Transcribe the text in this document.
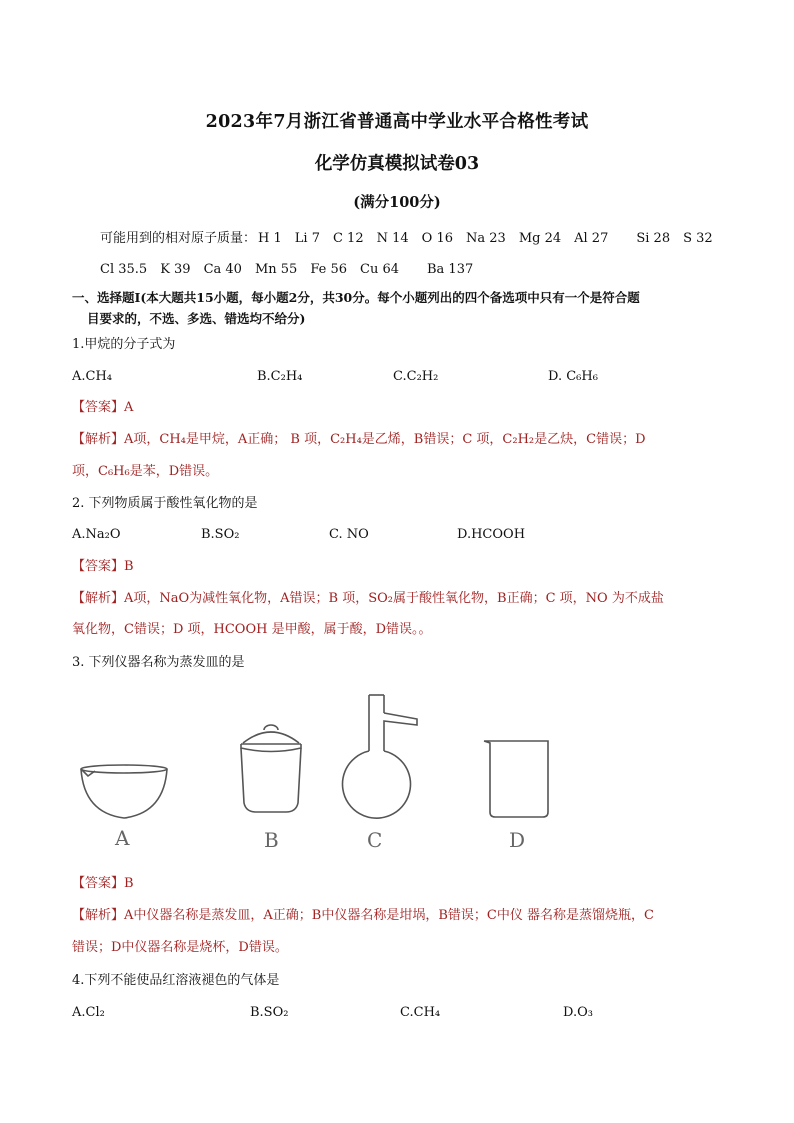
2023年7月浙江省普通高中学业水平合格性考试
化学仿真模拟试卷03
(满分100分)
可能用到的相对原子质量： H 1 Li 7 C 12 N 14 O 16 Na 23 Mg 24 Al 27 Si 28 S 32
Cl 35.5 K 39 Ca 40 Mn 55 Fe 56 Cu 64 Ba 137
一、选择题Ⅰ(本大题共15小题，每小题2分，共30分。每个小题列出的四个备选项中只有一个是符合题
目要求的，不选、多选、错选均不给分)
1.甲烷的分子式为
A.CH₄	B.C₂H₄	C.C₂H₂	D. C₆H₆
【答案】A
【解析】A项，CH₄是甲烷，A正确； B 项，C₂H₄是乙烯，B错误；C 项，C₂H₂是乙炔，C错误；D
项，C₆H₆是苯，D错误。
2. 下列物质属于酸性氧化物的是
A.Na₂O	B.SO₂	C. NO	D.HCOOH
【答案】B
【解析】A项，NaO为减性氧化物，A错误；B 项，SO₂属于酸性氧化物，B正确；C 项，NO 为不成盐
氧化物，C错误；D 项，HCOOH 是甲酸，属于酸，D错误。。
3. 下列仪器名称为蒸发皿的是
A	B	C	D
【答案】B
【解析】A中仪器名称是蒸发皿，A正确；B中仪器名称是坩埚，B错误；C中仪 器名称是蒸馏烧瓶，C
错误；D中仪器名称是烧杯，D错误。
4.下列不能使品红溶液褪色的气体是
A.Cl₂	B.SO₂	C.CH₄	D.O₃
